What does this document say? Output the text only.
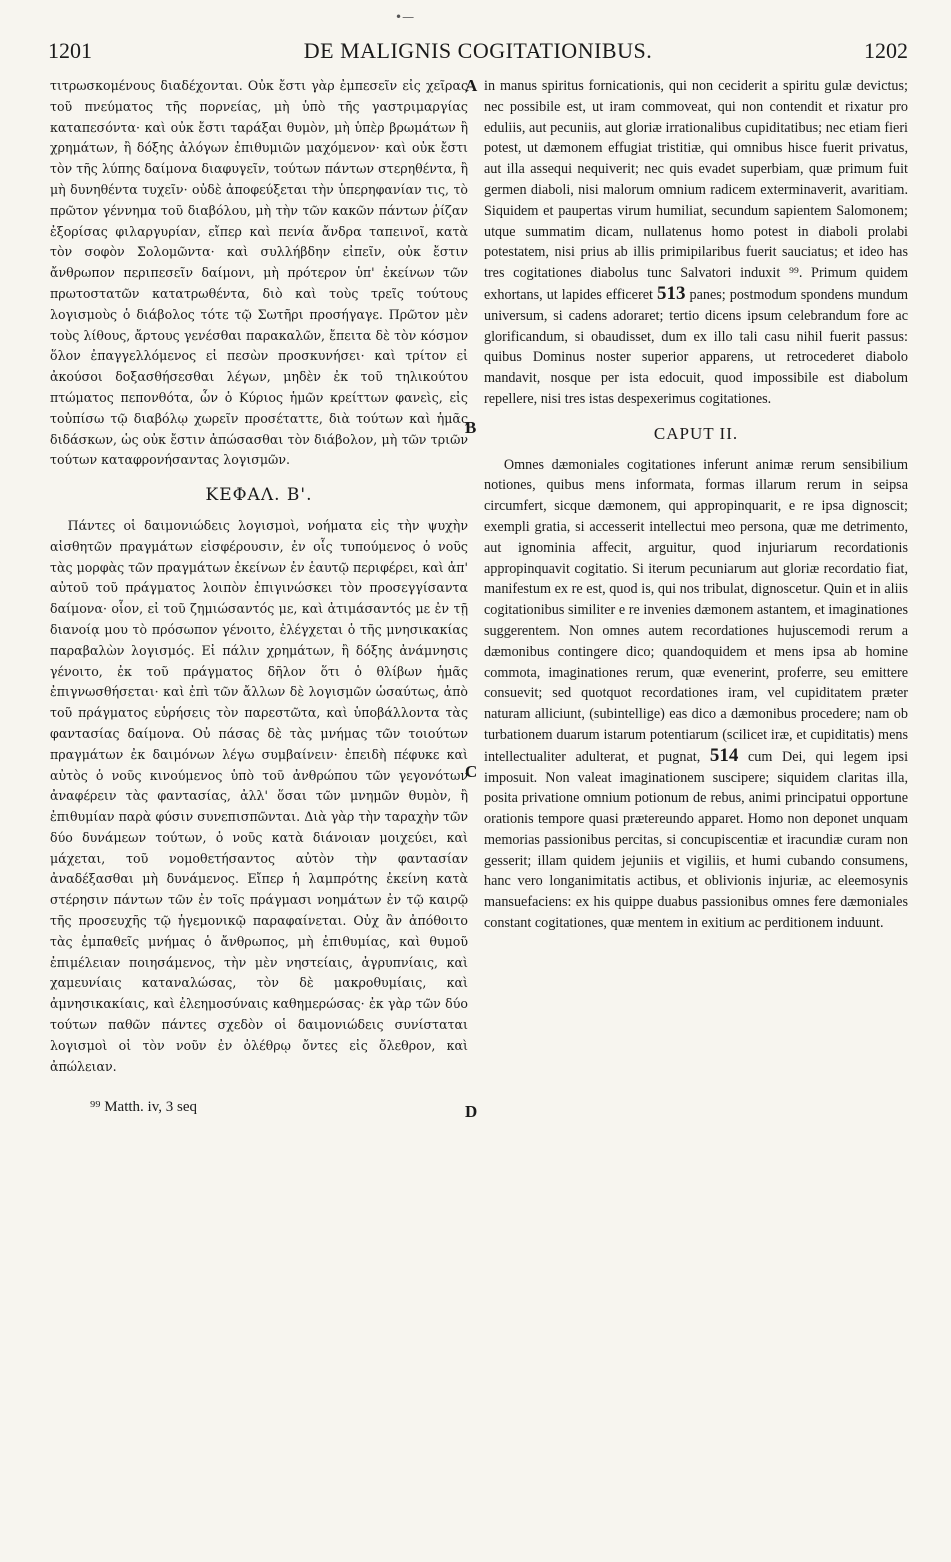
•—
1201	DE MALIGNIS COGITATIONIBUS.	1202

τιτρωσκομένους διαδέχονται. Οὐκ ἔστι γὰρ ἐμπεσεῖν εἰς χεῖρας τοῦ πνεύματος τῆς πορνείας, μὴ ὑπὸ τῆς γαστριμαργίας καταπεσόντα· καὶ οὐκ ἔστι ταράξαι θυμὸν, μὴ ὑπὲρ βρωμάτων ἢ χρημάτων, ἢ δόξης ἀλόγων ἐπιθυμιῶν μαχόμενον· καὶ οὐκ ἔστι τὸν τῆς λύπης δαίμονα διαφυγεῖν, τούτων πάντων στερηθέντα, ἢ μὴ δυνηθέντα τυχεῖν· οὐδὲ ἀποφεύξεται τὴν ὑπερηφανίαν τις, τὸ πρῶτον γέννημα τοῦ διαβόλου, μὴ τὴν τῶν κακῶν πάντων ῥίζαν ἐξορίσας φιλαργυρίαν, εἴπερ καὶ πενία ἄνδρα ταπεινοῖ, κατὰ τὸν σοφὸν Σολομῶντα· καὶ συλλήβδην εἰπεῖν, οὐκ ἔστιν ἄνθρωπον περιπεσεῖν δαίμονι, μὴ πρότερον ὑπ' ἐκείνων τῶν πρωτοστατῶν κατατρωθέντα, διὸ καὶ τοὺς τρεῖς τούτους λογισμοὺς ὁ διάβολος τότε τῷ Σωτῆρι προσήγαγε. Πρῶτον μὲν τοὺς λίθους, ἄρτους γενέσθαι παρακαλῶν, ἔπειτα δὲ τὸν κόσμον ὅλον ἐπαγγελλόμενος εἰ πεσὼν προσκυνήσει· καὶ τρίτον εἰ ἀκούσοι δοξασθήσεσθαι λέγων, μηδὲν ἐκ τοῦ τηλικούτου πτώματος πεπονθότα, ὧν ὁ Κύριος ἡμῶν κρείττων φανεὶς, εἰς τοὐπίσω τῷ διαβόλῳ χωρεῖν προσέταττε, διὰ τούτων καὶ ἡμᾶς διδάσκων, ὡς οὐκ ἔστιν ἀπώσασθαι τὸν διάβολον, μὴ τῶν τριῶν τούτων καταφρονήσαντας λογισμῶν.

ΚΕΦΑΛ. Β'.

Πάντες οἱ δαιμονιώδεις λογισμοὶ, νοήματα εἰς τὴν ψυχὴν αἰσθητῶν πραγμάτων εἰσφέρουσιν, ἐν οἷς τυπούμενος ὁ νοῦς τὰς μορφὰς τῶν πραγμάτων ἐκείνων ἐν ἑαυτῷ περιφέρει, καὶ ἀπ' αὐτοῦ τοῦ πράγματος λοιπὸν ἐπιγινώσκει τὸν προσεγγίσαντα δαίμονα· οἷον, εἰ τοῦ ζημιώσαντός με, καὶ ἀτιμάσαντός με ἐν τῇ διανοίᾳ μου τὸ πρόσωπον γένοιτο, ἐλέγχεται ὁ τῆς μνησικακίας παραβαλὼν λογισμός. Εἰ πάλιν χρημάτων, ἢ δόξης ἀνάμνησις γένοιτο, ἐκ τοῦ πράγματος δῆλον ὅτι ὁ θλίβων ἡμᾶς ἐπιγνωσθήσεται· καὶ ἐπὶ τῶν ἄλλων δὲ λογισμῶν ὡσαύτως, ἀπὸ τοῦ πράγματος εὑρήσεις τὸν παρεστῶτα, καὶ ὑποβάλλοντα τὰς φαντασίας δαίμονα. Οὐ πάσας δὲ τὰς μνήμας τῶν τοιούτων πραγμάτων ἐκ δαιμόνων λέγω συμβαίνειν· ἐπειδὴ πέφυκε καὶ αὐτὸς ὁ νοῦς κινούμενος ὑπὸ τοῦ ἀνθρώπου τῶν γεγονότων ἀναφέρειν τὰς φαντασίας, ἀλλ' ὅσαι τῶν μνημῶν θυμὸν, ἢ ἐπιθυμίαν παρὰ φύσιν συνεπισπῶνται. Διὰ γὰρ τὴν ταραχὴν τῶν δύο δυνάμεων τούτων, ὁ νοῦς κατὰ διάνοιαν μοιχεύει, καὶ μάχεται, τοῦ νομοθετήσαντος αὐτὸν τὴν φαντασίαν ἀναδέξασθαι μὴ δυνάμενος. Εἴπερ ἡ λαμπρότης ἐκείνη κατὰ στέρησιν πάντων τῶν ἐν τοῖς πράγμασι νοημάτων ἐν τῷ καιρῷ τῆς προσευχῆς τῷ ἡγεμονικῷ παραφαίνεται. Οὐχ ἂν ἀπόθοιτο τὰς ἐμπαθεῖς μνήμας ὁ ἄνθρωπος, μὴ ἐπιθυμίας, καὶ θυμοῦ ἐπιμέλειαν ποιησάμενος, τὴν μὲν νηστείαις, ἀγρυπνίαις, καὶ χαμευνίαις καταναλώσας, τὸν δὲ μακροθυμίαις, καὶ ἀμνησικακίαις, καὶ ἐλεημοσύναις καθημερώσας· ἐκ γὰρ τῶν δύο τούτων παθῶν πάντες σχεδὸν οἱ δαιμονιώδεις συνίσταται λογισμοὶ οἱ τὸν νοῦν ἐν ὀλέθρῳ ὄντες εἰς ὄλεθρον, καὶ ἀπώλειαν.

⁹⁹ Matth. iv, 3 seq
A
B
C
D

in manus spiritus fornicationis, qui non ceciderit a spiritu gulæ devictus; nec possibile est, ut iram commoveat, qui non contendit et rixatur pro eduliis, aut pecuniis, aut gloriæ irrationalibus cupiditatibus; nec etiam fieri potest, ut dæmonem effugiat tristitiæ, qui omnibus hisce fuerit privatus, aut illa assequi nequiverit; nec quis evadet superbiam, quæ primum fuit germen diaboli, nisi malorum omnium radicem exterminaverit, avaritiam. Siquidem et paupertas virum humiliat, secundum sapientem Salomonem; utque summatim dicam, nullatenus homo potest in diaboli prolabi potestatem, nisi prius ab illis primipilaribus fuerit sauciatus; et ideo has tres cogitationes diabolus tunc Salvatori induxit ⁹⁹. Primum quidem exhortans, ut lapides efficeret 513 panes; postmodum spondens mundum universum, si cadens adoraret; tertio dicens ipsum celebrandum fore ac glorificandum, si obaudisset, dum ex illo tali casu nihil fuerit passus: quibus Dominus noster superior apparens, ut retrocederet diabolo mandavit, nosque per ista edocuit, quod impossibile est diabolum repellere, nisi tres istas despexerimus cogitationes.

CAPUT II.

Omnes dæmoniales cogitationes inferunt animæ rerum sensibilium notiones, quibus mens informata, formas illarum rerum in seipsa circumfert, sicque dæmonem, qui appropinquarit, e re ipsa dignoscit; exempli gratia, si accesserit intellectui meo persona, quæ me detrimento, aut ignominia affecit, arguitur, quod injuriarum recordationis appropinquavit cogitatio. Si iterum pecuniarum aut gloriæ recordatio fiat, manifestum ex re est, quod is, qui nos tribulat, dignoscetur. Quin et in aliis cogitationibus similiter e re invenies dæmonem astantem, et imaginationes suggerentem. Non omnes autem recordationes hujuscemodi rerum a dæmonibus contingere dico; quandoquidem et mens ipsa ab homine commota, imaginationes rerum, quæ evenerint, proferre, seu emittere consuevit; sed quotquot recordationes iram, vel cupiditatem præter naturam alliciunt, (subintellige) eas dico a dæmonibus procedere; nam ob turbationem duarum istarum potentiarum (scilicet iræ, et cupiditatis) mens intellectualiter adulterat, et pugnat, 514 cum Dei, qui legem ipsi imposuit. Non valeat imaginationem suscipere; siquidem claritas illa, posita privatione omnium potionum de rebus, animi principatui opportune orationis tempore quasi prætereundo apparet. Homo non deponet unquam memorias passionibus percitas, si concupiscentiæ et iracundiæ curam non gesserit; illam quidem jejuniis et vigiliis, et humi cubando consumens, hanc vero longanimitatis actibus, et oblivionis injuriæ, ac eleemosynis mansuefaciens: ex his quippe duabus passionibus omnes fere dæmoniales constant cogitationes, quæ mentem in exitium ac perditionem induunt.
